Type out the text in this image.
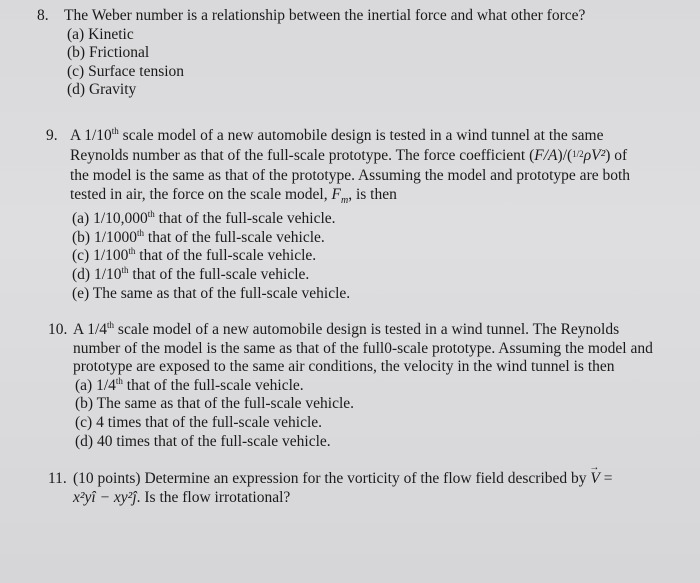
8. The Weber number is a relationship between the inertial force and what other force?
(a) Kinetic
(b) Frictional
(c) Surface tension
(d) Gravity
9. A 1/10th scale model of a new automobile design is tested in a wind tunnel at the same
Reynolds number as that of the full-scale prototype. The force coefficient (F/A)/(1/2ρV²) of
the model is the same as that of the prototype. Assuming the model and prototype are both
tested in air, the force on the scale model, $F_m$, is then
(a) 1/10,000th that of the full-scale vehicle.
(b) 1/1000th that of the full-scale vehicle.
(c) 1/100th that of the full-scale vehicle.
(d) 1/10th that of the full-scale vehicle.
(e) The same as that of the full-scale vehicle.
10. A 1/4th scale model of a new automobile design is tested in a wind tunnel. The Reynolds
number of the model is the same as that of the full0-scale prototype. Assuming the model and
prototype are exposed to the same air conditions, the velocity in the wind tunnel is then
(a) 1/4th that of the full-scale vehicle.
(b) The same as that of the full-scale vehicle.
(c) 4 times that of the full-scale vehicle.
(d) 40 times that of the full-scale vehicle.
11. (10 points) Determine an expression for the vorticity of the flow field described by → V =
x²yî − xy²ĵ. Is the flow irrotational?
